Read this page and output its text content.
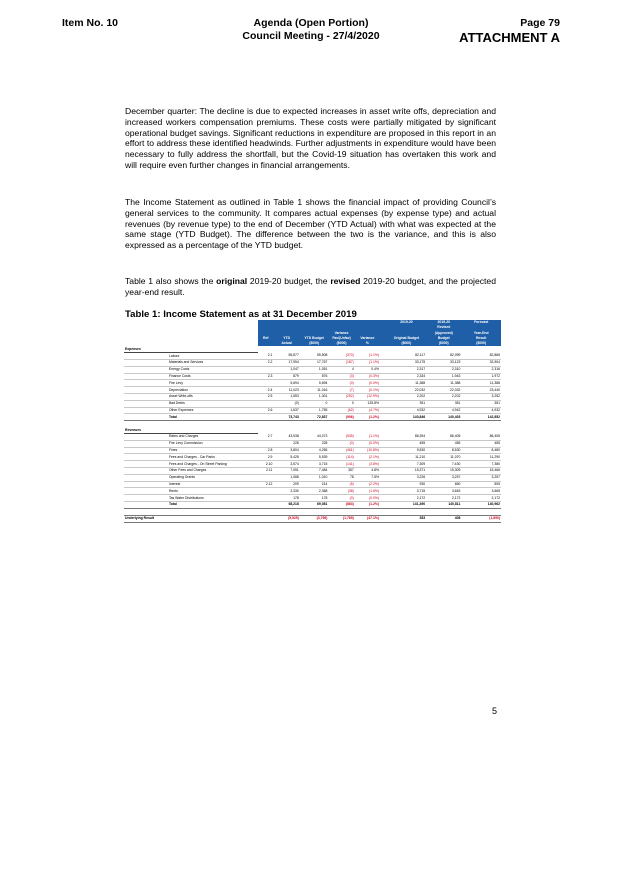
Item No. 10	Agenda (Open Portion)
Council Meeting - 27/4/2020
Page 79
ATTACHMENT A
December quarter: The decline is due to expected increases in asset write offs, depreciation and increased workers compensation premiums. These costs were partially mitigated by significant operational budget savings. Significant reductions in expenditure are proposed in this report in an effort to address these identified headwinds. Further adjustments in expenditure would have been necessary to fully address the shortfall, but the Covid-19 situation has overtaken this work and will require even further changes in financial arrangements.
The Income Statement as outlined in Table 1 shows the financial impact of providing Council’s general services to the community. It compares actual expenses (by expense type) and actual revenues (by revenue type) to the end of December (YTD Actual) with what was expected at the same stage (YTD Budget). The difference between the two is the variance, and this is also expressed as a percentage of the YTD budget.
Table 1 also shows the original 2019-20 budget, the revised 2019-20 budget, and the projected year-end result.
Table 1: Income Statement as at 31 December 2019
								2019-20	2019-20	Forecast
									Revised	
					Variance				(Approved)	Year-End
		Ref	YTD	YTD Budget	Fav/(Unfav)	Variance		Original Budget	Budget	Result
			Actual	($000)	($000)	%		($000)	($000)	($000)
Expenses										
	Labour	2.1	55,877	55,508	(370)	(1.1%)		82,117	82,099	82,865
	Materials and Services	2.2	17,954	17,767	(187)	(1.1%)		33,175	33,123	32,504
	Energy Costs		1,047	1,051	4	0.4%		2,317	2,310	2,316
	Finance Costs	2.3	879	876	(3)	(0.3%)		2,334	1,943	1,972
	Fire Levy		5,694	5,694	(0)	(0.0%)		11,388	11,388	11,388
	Depreciation	2.4	11,023	11,016	(7)	(0.1%)		22,032	22,032	23,440
	Asset Write-offs	2.5	1,553	1,301	(252)	(12.9%)		2,202	2,202	3,252
	Bad Debts		(0)	0	0	125.8%		351	351	351
	Other Expenses	2.6	1,637	1,755	(62)	(4.7%)		4,932	4,942	4,932
	Total		73,743	72,837	(906)	(1.2%)		140,846	140,403	142,852

Revenues										
	Rates and Charges	2.7	43,538	44,073	(535)	(1.1%)		86,394	86,405	86,405
	Fire Levy Commission		228	228	(0)	(0.0%)		455	455	455
	Fines	2.8	3,804	4,265	(461)	(10.8%)		9,530	8,530	8,480
	Fees and Charges - Car Parks	2.9	5,425	5,539	(114)	(2.1%)		11,210	11,070	11,290
	Fees and Charges - On Street Parking	2.10	3,574	3,715	(141)	(3.8%)		7,309	7,430	7,380
	Other Fees and Charges	2.11	7,051	7,484	357	4.8%		15,371	15,309	15,466
	Operating Grants		1,088	1,010	78	7.5%		3,226	3,257	3,257
	Interest	2.12	209	214	(5)	(2.2%)		930	650	505
	Rents		2,330	2,368	(38)	(1.6%)		3,715	3,663	3,665
	Tas Water Distributions		178	178	(0)	(0.0%)		2,172	2,172	2,172
	Total		68,218	69,081	(863)	(1.2%)		141,490	140,811	140,962

Underlying Result			(5,525)	(3,756)	(1,769)	(47.1%)		353	408	(1,890)
5
